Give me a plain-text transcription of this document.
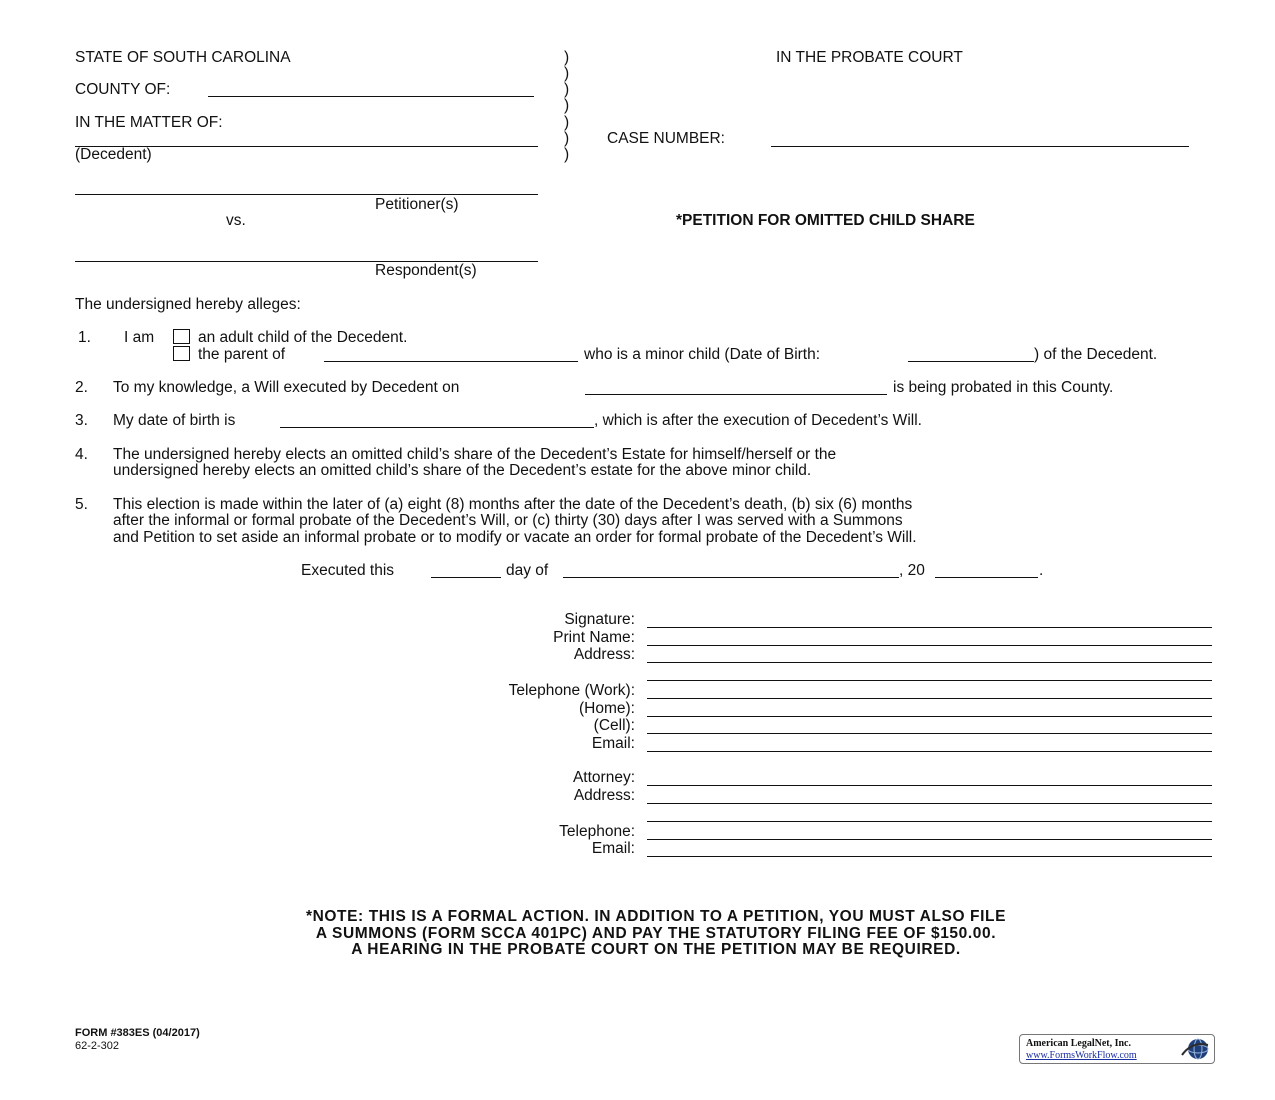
STATE OF SOUTH CAROLINA	IN THE PROBATE COURT
COUNTY OF:
IN THE MATTER OF:
(Decedent)
CASE NUMBER:
)
)
)
)
)
)
)
Petitioner(s)
vs.	*PETITION FOR OMITTED CHILD SHARE
Respondent(s)
The undersigned hereby alleges:
1. I am	an adult child of the Decedent.
the parent of	who is a minor child (Date of Birth:	) of the Decedent.
2. To my knowledge, a Will executed by Decedent on	is being probated in this County.
3. My date of birth is	, which is after the execution of Decedent’s Will.
4. The undersigned hereby elects an omitted child’s share of the Decedent’s Estate for himself/herself or the
undersigned hereby elects an omitted child’s share of the Decedent’s estate for the above minor child.
5. This election is made within the later of (a) eight (8) months after the date of the Decedent’s death, (b) six (6) months
after the informal or formal probate of the Decedent’s Will, or (c) thirty (30) days after I was served with a Summons
and Petition to set aside an informal probate or to modify or vacate an order for formal probate of the Decedent’s Will.
Executed this	day of	, 20	.
Signature:
Print Name:
Address:
Telephone (Work):
(Home):
(Cell):
Email:
Attorney:
Address:
Telephone:
Email:
*NOTE: THIS IS A FORMAL ACTION. IN ADDITION TO A PETITION, YOU MUST ALSO FILE
A SUMMONS (FORM SCCA 401PC) AND PAY THE STATUTORY FILING FEE OF $150.00.
A HEARING IN THE PROBATE COURT ON THE PETITION MAY BE REQUIRED.
FORM #383ES (04/2017)
62-2-302	American LegalNet, Inc.
www.FormsWorkFlow.com
